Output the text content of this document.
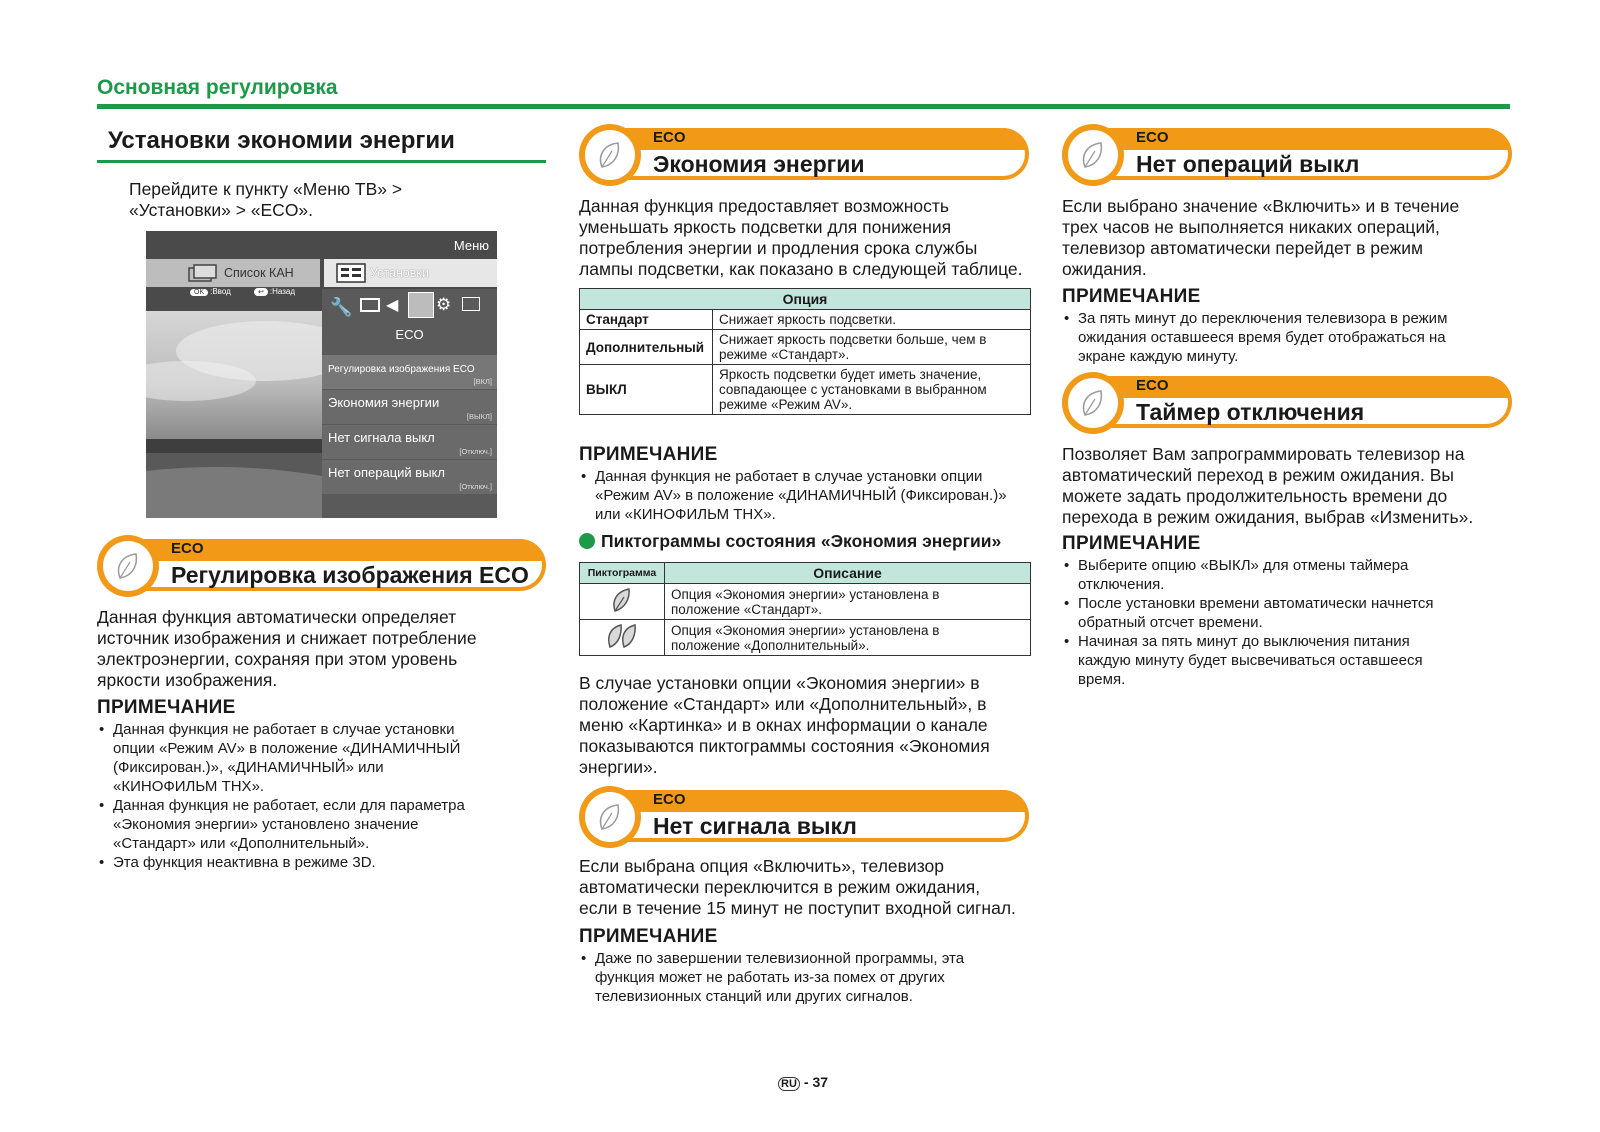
Основная регулировка
Установки экономии энергии
Перейдите к пункту «Меню ТВ» >
«Установки» > «ECO».
Меню
Список КАН	Установки
OK :Ввод	↩ :Назад
🔧 ◀ ⚙
ECO
Регулировка изображения ECO
[ВКЛ]
Экономия энергии
[ВЫКЛ]
Нет сигнала выкл
[Отключ.]
Нет операций выкл
[Отключ.]
ECO
Регулировка изображения ECO
Данная функция автоматически определяет
источник изображения и снижает потребление
электроэнергии, сохраняя при этом уровень
яркости изображения.
ПРИМЕЧАНИЕ
• Данная функция не работает в случае установки
опции «Режим AV» в положение «ДИНАМИЧНЫЙ
(Фиксирован.)», «ДИНАМИЧНЫЙ» или
«КИНОФИЛЬМ THX».
• Данная функция не работает, если для параметра
«Экономия энергии» установлено значение
«Стандарт» или «Дополнительный».
• Эта функция неактивна в режиме 3D.
ECO
Экономия энергии
Данная функция предоставляет возможность
уменьшать яркость подсветки для понижения
потребления энергии и продления срока службы
лампы подсветки, как показано в следующей таблице.
Опция	
Стандарт	Снижает яркость подсветки.

Дополнительный	Снижает яркость подсветки больше, чем в
режиме «Стандарт».

ВЫКЛ	Яркость подсветки будет иметь значение,
совпадающее с установками в выбранном
режиме «Режим AV».
ПРИМЕЧАНИЕ
• Данная функция не работает в случае установки опции
«Режим AV» в положение «ДИНАМИЧНЫЙ (Фиксирован.)»
или «КИНОФИЛЬМ THX».
Пиктограммы состояния «Экономия энергии»
Пиктограмма	Описание

Опция «Экономия энергии» установлена в
положение «Стандарт».

Опция «Экономия энергии» установлена в
положение «Дополнительный».
В случае установки опции «Экономия энергии» в
положение «Стандарт» или «Дополнительный», в
меню «Картинка» и в окнах информации о канале
показываются пиктограммы состояния «Экономия
энергии».
ECO
Нет сигнала выкл
Если выбрана опция «Включить», телевизор
автоматически переключится в режим ожидания,
если в течение 15 минут не поступит входной сигнал.
ПРИМЕЧАНИЕ
• Даже по завершении телевизионной программы, эта
функция может не работать из-за помех от других
телевизионных станций или других сигналов.
ECO
Нет операций выкл
Если выбрано значение «Включить» и в течение
трех часов не выполняется никаких операций,
телевизор автоматически перейдет в режим
ожидания.
ПРИМЕЧАНИЕ
• За пять минут до переключения телевизора в режим
ожидания оставшееся время будет отображаться на
экране каждую минуту.
ECO
Таймер отключения
Позволяет Вам запрограммировать телевизор на
автоматический переход в режим ожидания. Вы
можете задать продолжительность времени до
перехода в режим ожидания, выбрав «Изменить».
ПРИМЕЧАНИЕ
• Выберите опцию «ВЫКЛ» для отмены таймера
отключения.
• После установки времени автоматически начнется
обратный отсчет времени.
• Начиная за пять минут до выключения питания
каждую минуту будет высвечиваться оставшееся
время.
RU - 37
